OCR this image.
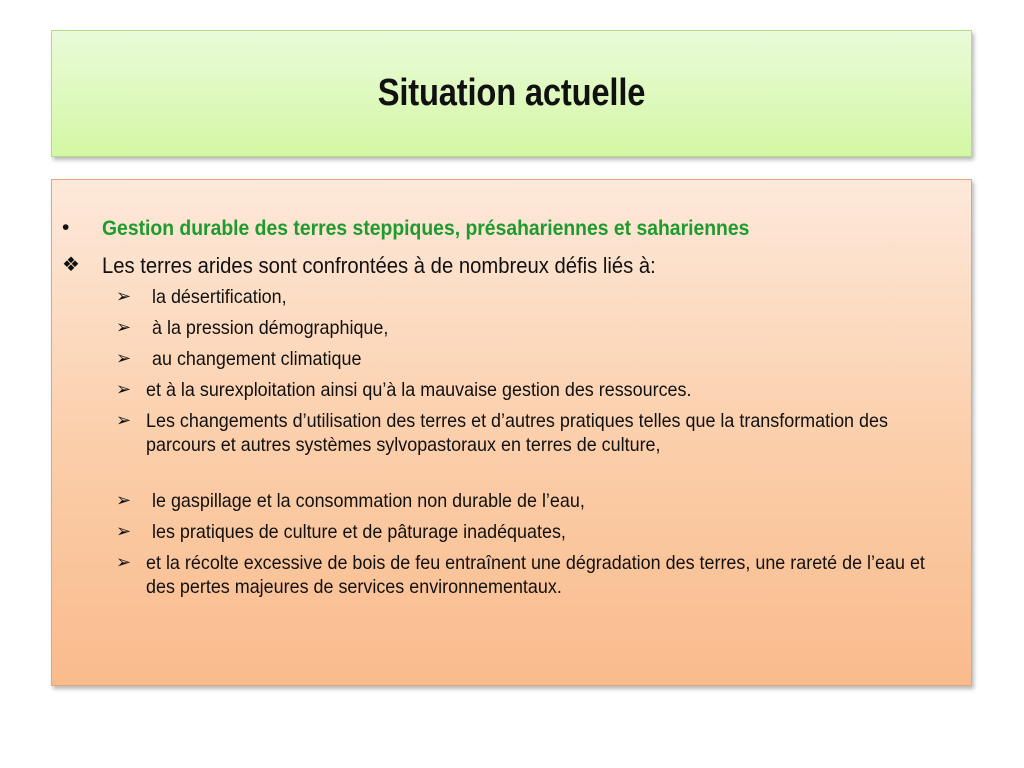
Situation actuelle
• Gestion durable des terres steppiques, présahariennes et sahariennes
❖ Les terres arides sont confrontées à de nombreux défis liés à:
➢ la désertification,
➢ à la pression démographique,
➢ au changement climatique
➢ et à la surexploitation ainsi qu’à la mauvaise gestion des ressources.
➢ Les changements d’utilisation des terres et d’autres pratiques telles que la transformation des parcours et autres systèmes sylvopastoraux en terres de culture,
➢ le gaspillage et la consommation non durable de l’eau,
➢ les pratiques de culture et de pâturage inadéquates,
➢ et la récolte excessive de bois de feu entraînent une dégradation des terres, une rareté de l’eau et des pertes majeures de services environnementaux.
